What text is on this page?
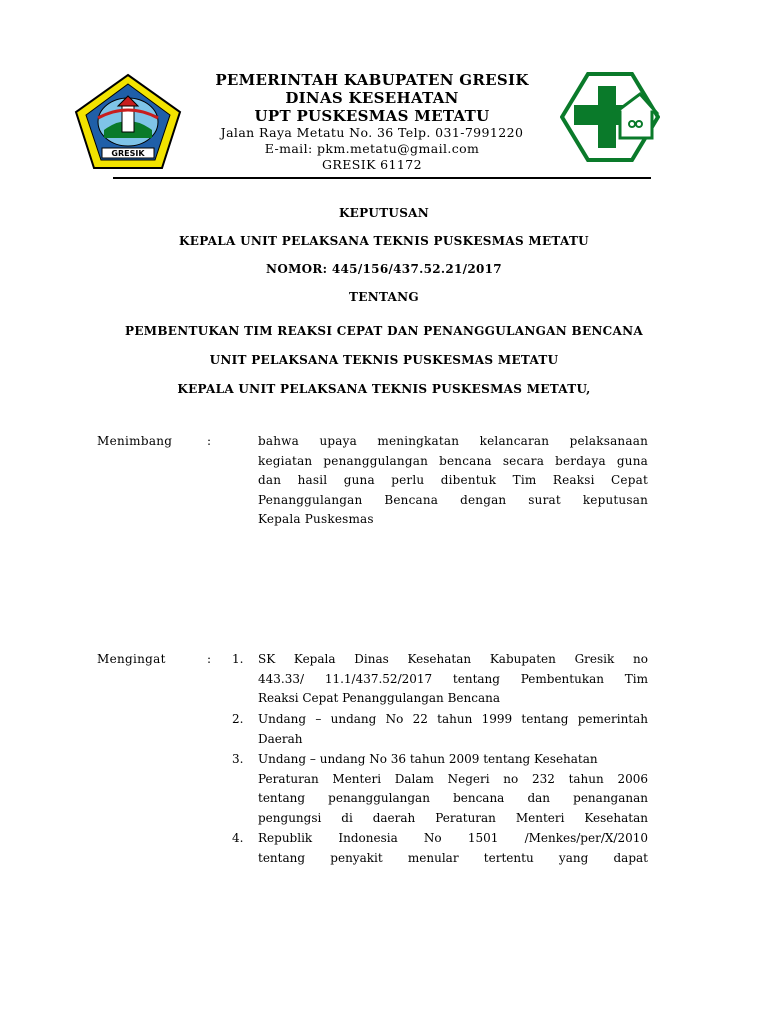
GRESIK
PEMERINTAH KABUPATEN GRESIK
DINAS KESEHATAN
UPT PUSKESMAS METATU
Jalan Raya Metatu No. 36 Telp. 031-7991220
E-mail: pkm.metatu@gmail.com
GRESIK 61172
KEPUTUSAN
KEPALA UNIT PELAKSANA TEKNIS PUSKESMAS METATU
NOMOR: 445/156/437.52.21/2017
TENTANG
PEMBENTUKAN TIM REAKSI CEPAT DAN PENANGGULANGAN BENCANA
UNIT PELAKSANA TEKNIS PUSKESMAS METATU
KEPALA UNIT PELAKSANA TEKNIS PUSKESMAS METATU,
Menimbang	:	bahwa upaya meningkatan kelancaran pelaksanaan
kegiatan penanggulangan bencana secara berdaya guna
dan hasil guna perlu dibentuk Tim Reaksi Cepat
Penanggulangan Bencana dengan surat keputusan
Kepala Puskesmas
Mengingat	: 1. SK Kepala Dinas Kesehatan Kabupaten Gresik no
443.33/ 11.1/437.52/2017 tentang Pembentukan Tim
Reaksi Cepat Penanggulangan Bencana
2. Undang – undang No 22 tahun 1999 tentang pemerintah
Daerah
3. Undang – undang No 36 tahun 2009 tentang Kesehatan
Peraturan Menteri Dalam Negeri no 232 tahun 2006
tentang penanggulangan bencana dan penanganan
pengungsi di daerah Peraturan Menteri Kesehatan
4. Republik Indonesia No 1501 /Menkes/per/X/2010
tentang penyakit menular tertentu yang dapat
